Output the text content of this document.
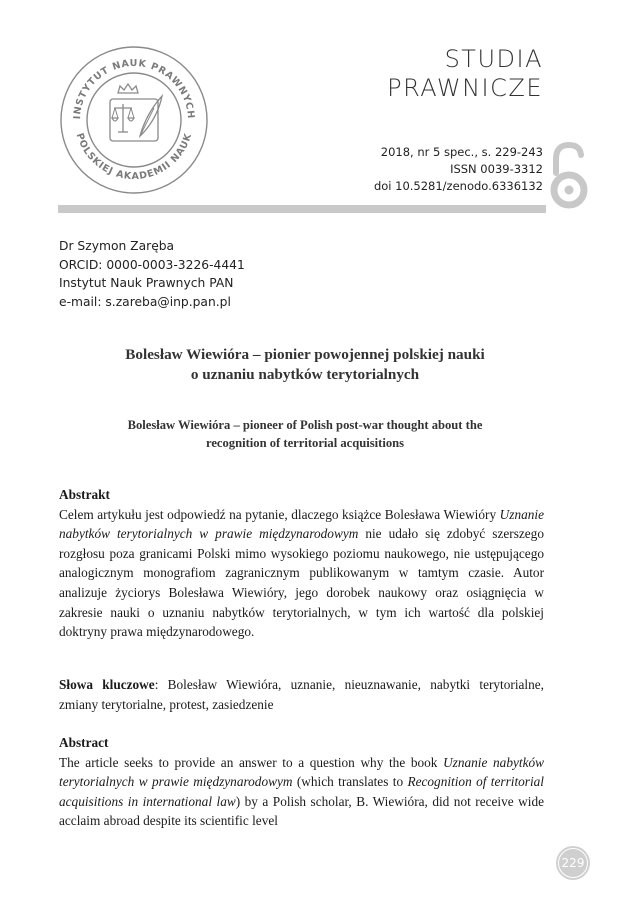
INSTYTUT NAUK PRAWNYCH
POLSKIEJ AKADEMII NAUK
STUDIA
PRAWNICZE
2018, nr 5 spec., s. 229-243
ISSN 0039-3312
doi 10.5281/zenodo.6336132
Dr Szymon Zaręba
ORCID: 0000-0003-3226-4441
Instytut Nauk Prawnych PAN
e-mail: s.zareba@inp.pan.pl
Bolesław Wiewióra – pionier powojennej polskiej nauki
o uznaniu nabytków terytorialnych
Bolesław Wiewióra – pioneer of Polish post-war thought about the
recognition of territorial acquisitions
Abstrakt

Celem artykułu jest odpowiedź na pytanie, dlaczego książce Bolesława Wiewióry Uznanie nabytków terytorialnych w prawie międzynarodowym nie udało się zdobyć szerszego rozgłosu poza granicami Polski mimo wysokiego poziomu naukowego, nie ustępującego analogicznym monografiom zagranicznym publikowanym w tamtym czasie. Autor analizuje życiorys Bolesława Wiewióry, jego dorobek naukowy oraz osiągnięcia w zakresie nauki o uznaniu nabytków terytorialnych, w tym ich wartość dla polskiej doktryny prawa międzynarodowego.

Słowa kluczowe: Bolesław Wiewióra, uznanie, nieuznawanie, nabytki terytorialne, zmiany terytorialne, protest, zasiedzenie

Abstract

The article seeks to provide an answer to a question why the book Uznanie nabytków terytorialnych w prawie międzynarodowym (which translates to Recognition of territorial acquisitions in international law) by a Polish scholar, B. Wiewióra, did not receive wide acclaim abroad despite its scientific level

229
